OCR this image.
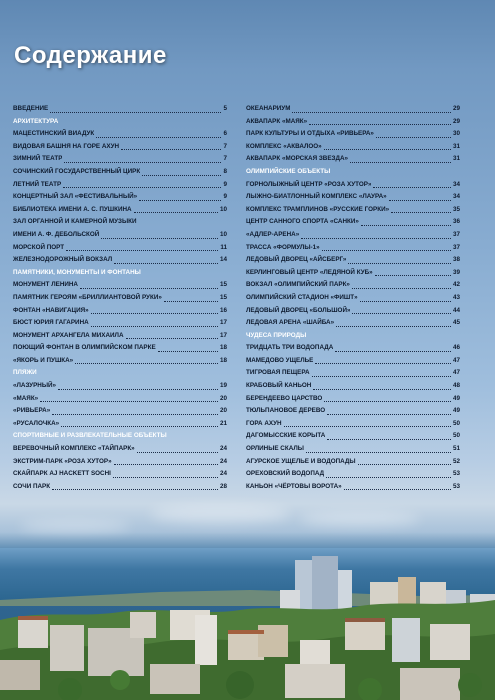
Содержание
ВВЕДЕНИЕ	5
АРХИТЕКТУРА
МАЦЕСТИНСКИЙ ВИАДУК	6
ВИДОВАЯ БАШНЯ НА ГОРЕ АХУН	7
ЗИМНИЙ ТЕАТР	7
СОЧИНСКИЙ ГОСУДАРСТВЕННЫЙ ЦИРК	8
ЛЕТНИЙ ТЕАТР	9
КОНЦЕРТНЫЙ ЗАЛ «ФЕСТИВАЛЬНЫЙ»	9
БИБЛИОТЕКА ИМЕНИ А. С. ПУШКИНА	10
ЗАЛ ОРГАННОЙ И КАМЕРНОЙ МУЗЫКИ
ИМЕНИ А. Ф. ДЕБОЛЬСКОЙ	10
МОРСКОЙ ПОРТ	11
ЖЕЛЕЗНОДОРОЖНЫЙ ВОКЗАЛ	14
ПАМЯТНИКИ, МОНУМЕНТЫ И ФОНТАНЫ
МОНУМЕНТ ЛЕНИНА	15
ПАМЯТНИК ГЕРОЯМ «БРИЛЛИАНТОВОЙ РУКИ»	15
ФОНТАН «НАВИГАЦИЯ»	16
БЮСТ ЮРИЯ ГАГАРИНА	17
МОНУМЕНТ АРХАНГЕЛА МИХАИЛА	17
ПОЮЩИЙ ФОНТАН В ОЛИМПИЙСКОМ ПАРКЕ	18
«ЯКОРЬ И ПУШКА»	18
ПЛЯЖИ
«ЛАЗУРНЫЙ»	19
«МАЯК»	20
«РИВЬЕРА»	20
«РУСАЛОЧКА»	21
СПОРТИВНЫЕ И РАЗВЛЕКАТЕЛЬНЫЕ ОБЪЕКТЫ
ВЕРЕВОЧНЫЙ КОМПЛЕКС «ТАЙПАРК»	24
ЭКСТРИМ-ПАРК «РОЗА ХУТОР»	24
СКАЙПАРК AJ HACKETT SOCHI	24
СОЧИ ПАРК	28
ОКЕАНАРИУМ	29
АКВАПАРК «МАЯК»	29
ПАРК КУЛЬТУРЫ И ОТДЫХА «РИВЬЕРА»	30
КОМПЛЕКС «АКВАЛОО»	31
АКВАПАРК «МОРСКАЯ ЗВЕЗДА»	31
ОЛИМПИЙСКИЕ ОБЪЕКТЫ
ГОРНОЛЫЖНЫЙ ЦЕНТР «РОЗА ХУТОР»	34
ЛЫЖНО-БИАТЛОННЫЙ КОМПЛЕКС «ЛАУРА»	34
КОМПЛЕКС ТРАМПЛИНОВ «РУССКИЕ ГОРКИ»	35
ЦЕНТР САННОГО СПОРТА «САНКИ»	36
«АДЛЕР-АРЕНА»	37
ТРАССА «ФОРМУЛЫ-1»	37
ЛЕДОВЫЙ ДВОРЕЦ «АЙСБЕРГ»	38
КЕРЛИНГОВЫЙ ЦЕНТР «ЛЕДЯНОЙ КУБ»	39
ВОКЗАЛ «ОЛИМПИЙСКИЙ ПАРК»	42
ОЛИМПИЙСКИЙ СТАДИОН «ФИШТ»	43
ЛЕДОВЫЙ ДВОРЕЦ «БОЛЬШОЙ»	44
ЛЕДОВАЯ АРЕНА «ШАЙБА»	45
ЧУДЕСА ПРИРОДЫ
ТРИДЦАТЬ ТРИ ВОДОПАДА	46
МАМЕДОВО УЩЕЛЬЕ	47
ТИГРОВАЯ ПЕЩЕРА	47
КРАБОВЫЙ КАНЬОН	48
БЕРЕНДЕЕВО ЦАРСТВО	49
ТЮЛЬПАНОВОЕ ДЕРЕВО	49
ГОРА АХУН	50
ДАГОМЫССКИЕ КОРЫТА	50
ОРЛИНЫЕ СКАЛЫ	51
АГУРСКОЕ УЩЕЛЬЕ И ВОДОПАДЫ	52
ОРЕХОВСКИЙ ВОДОПАД	53
КАНЬОН «ЧЁРТОВЫ ВОРОТА»	53
